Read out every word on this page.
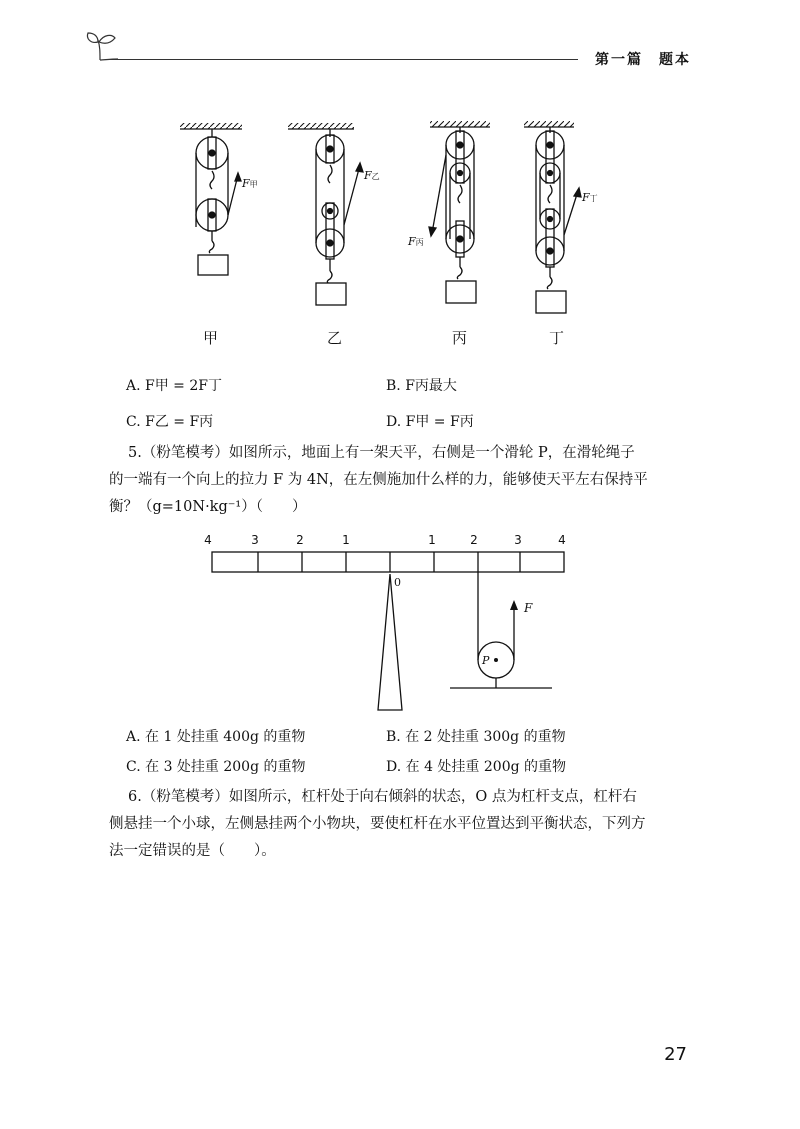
第一篇　题本
F甲
F乙
F丙
F丁
甲	乙	丙	丁
A. F甲 = 2F丁	B. F丙最大
C. F乙 = F丙	D. F甲 = F丙
5.（粉笔模考）如图所示，地面上有一架天平，右侧是一个滑轮 P，在滑轮绳子
的一端有一个向上的拉力 F 为 4N，在左侧施加什么样的力，能够使天平左右保持平
衡？（g=10N·kg⁻¹）（　　）
4	3	2	1	1	2	3	4
0
F
P
A. 在 1 处挂重 400g 的重物	B. 在 2 处挂重 300g 的重物
C. 在 3 处挂重 200g 的重物	D. 在 4 处挂重 200g 的重物
6.（粉笔模考）如图所示，杠杆处于向右倾斜的状态，O 点为杠杆支点，杠杆右
侧悬挂一个小球，左侧悬挂两个小物块，要使杠杆在水平位置达到平衡状态，下列方
法一定错误的是（　　）。
27
